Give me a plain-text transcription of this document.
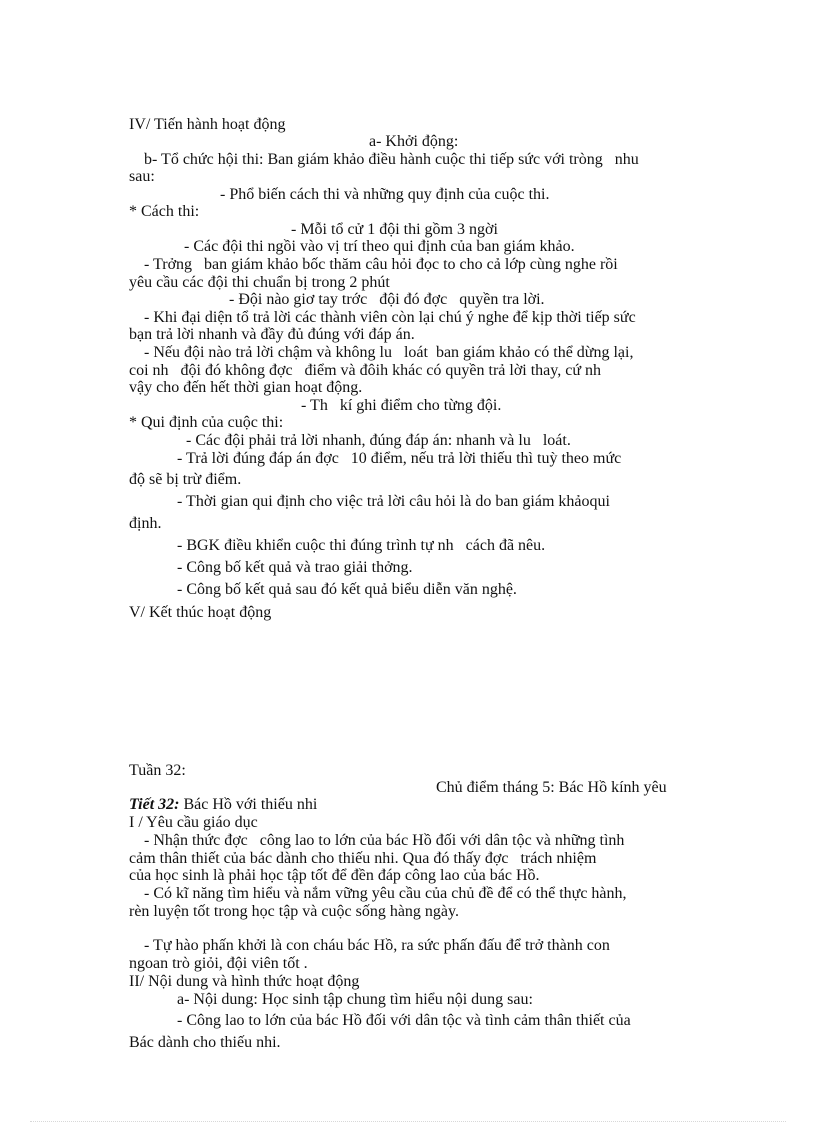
IV/ Tiến hành hoạt động
a- Khởi động:
b- Tổ chức hội thi: Ban giám khảo điều hành cuộc thi tiếp sức với tròng   nhu
sau:
- Phổ biến cách thi và những quy định của cuộc thi.
* Cách thi:
- Mỗi tổ cử 1 đội thi gồm 3 ngời
- Các đội thi ngồi vào vị trí theo qui định của ban giám khảo.
- Trởng   ban giám khảo bốc thăm câu hỏi đọc to cho cả lớp cùng nghe rồi
yêu cầu các đội thi chuẩn bị trong 2 phút
- Đội nào giơ tay trớc   đội đó đợc   quyền tra lời.
- Khi đại diện tổ trả lời các thành viên còn lại chú ý nghe để kịp thời tiếp sức
bạn trả lời nhanh và đầy đủ đúng với đáp án.
- Nếu đội nào trả lời chậm và không lu   loát  ban giám khảo có thể dừng lại,
coi nh   đội đó không đợc   điểm và đôih khác có quyền trả lời thay, cứ nh
vậy cho đến hết thời gian hoạt động.
- Th   kí ghi điểm cho từng đội.
* Qui định của cuộc thi:
- Các đội phải trả lời nhanh, đúng đáp án: nhanh và lu   loát.
- Trả lời đúng đáp án đợc   10 điểm, nếu trả lời thiếu thì tuỳ theo mức
độ sẽ bị trừ điểm.
- Thời gian qui định cho việc trả lời câu hỏi là do ban giám khảoqui
định.
- BGK điều khiển cuộc thi đúng trình tự nh   cách đã nêu.
- Công bố kết quả và trao giải thởng.
- Công bố kết quả sau đó kết quả biểu diễn văn nghệ.
V/ Kết thúc hoạt động
Tuần 32:
Chủ điểm tháng 5: Bác Hồ kính yêu
Tiết 32: Bác Hồ với thiếu nhi
I / Yêu cầu giáo dục
- Nhận thức đợc   công lao to lớn của bác Hồ đối với dân tộc và những tình
cảm thân thiết của bác dành cho thiếu nhi. Qua đó thấy đợc   trách nhiệm
của học sinh là phải học tập tốt để đền đáp công lao của bác Hồ.
- Có kĩ năng tìm hiểu và nắm vững yêu cầu của chủ đề để có thể thực hành,
rèn luyện tốt trong học tập và cuộc sống hàng ngày.
- Tự hào phấn khởi là con cháu bác Hồ, ra sức phấn đấu để trở thành con
ngoan trò giỏi, đội viên tốt .
II/ Nội dung và hình thức hoạt động
a- Nội dung: Học sinh tập chung tìm hiểu nội dung sau:
- Công lao to lớn của bác Hồ đối với dân tộc và tình cảm thân thiết của
Bác dành cho thiếu nhi.
